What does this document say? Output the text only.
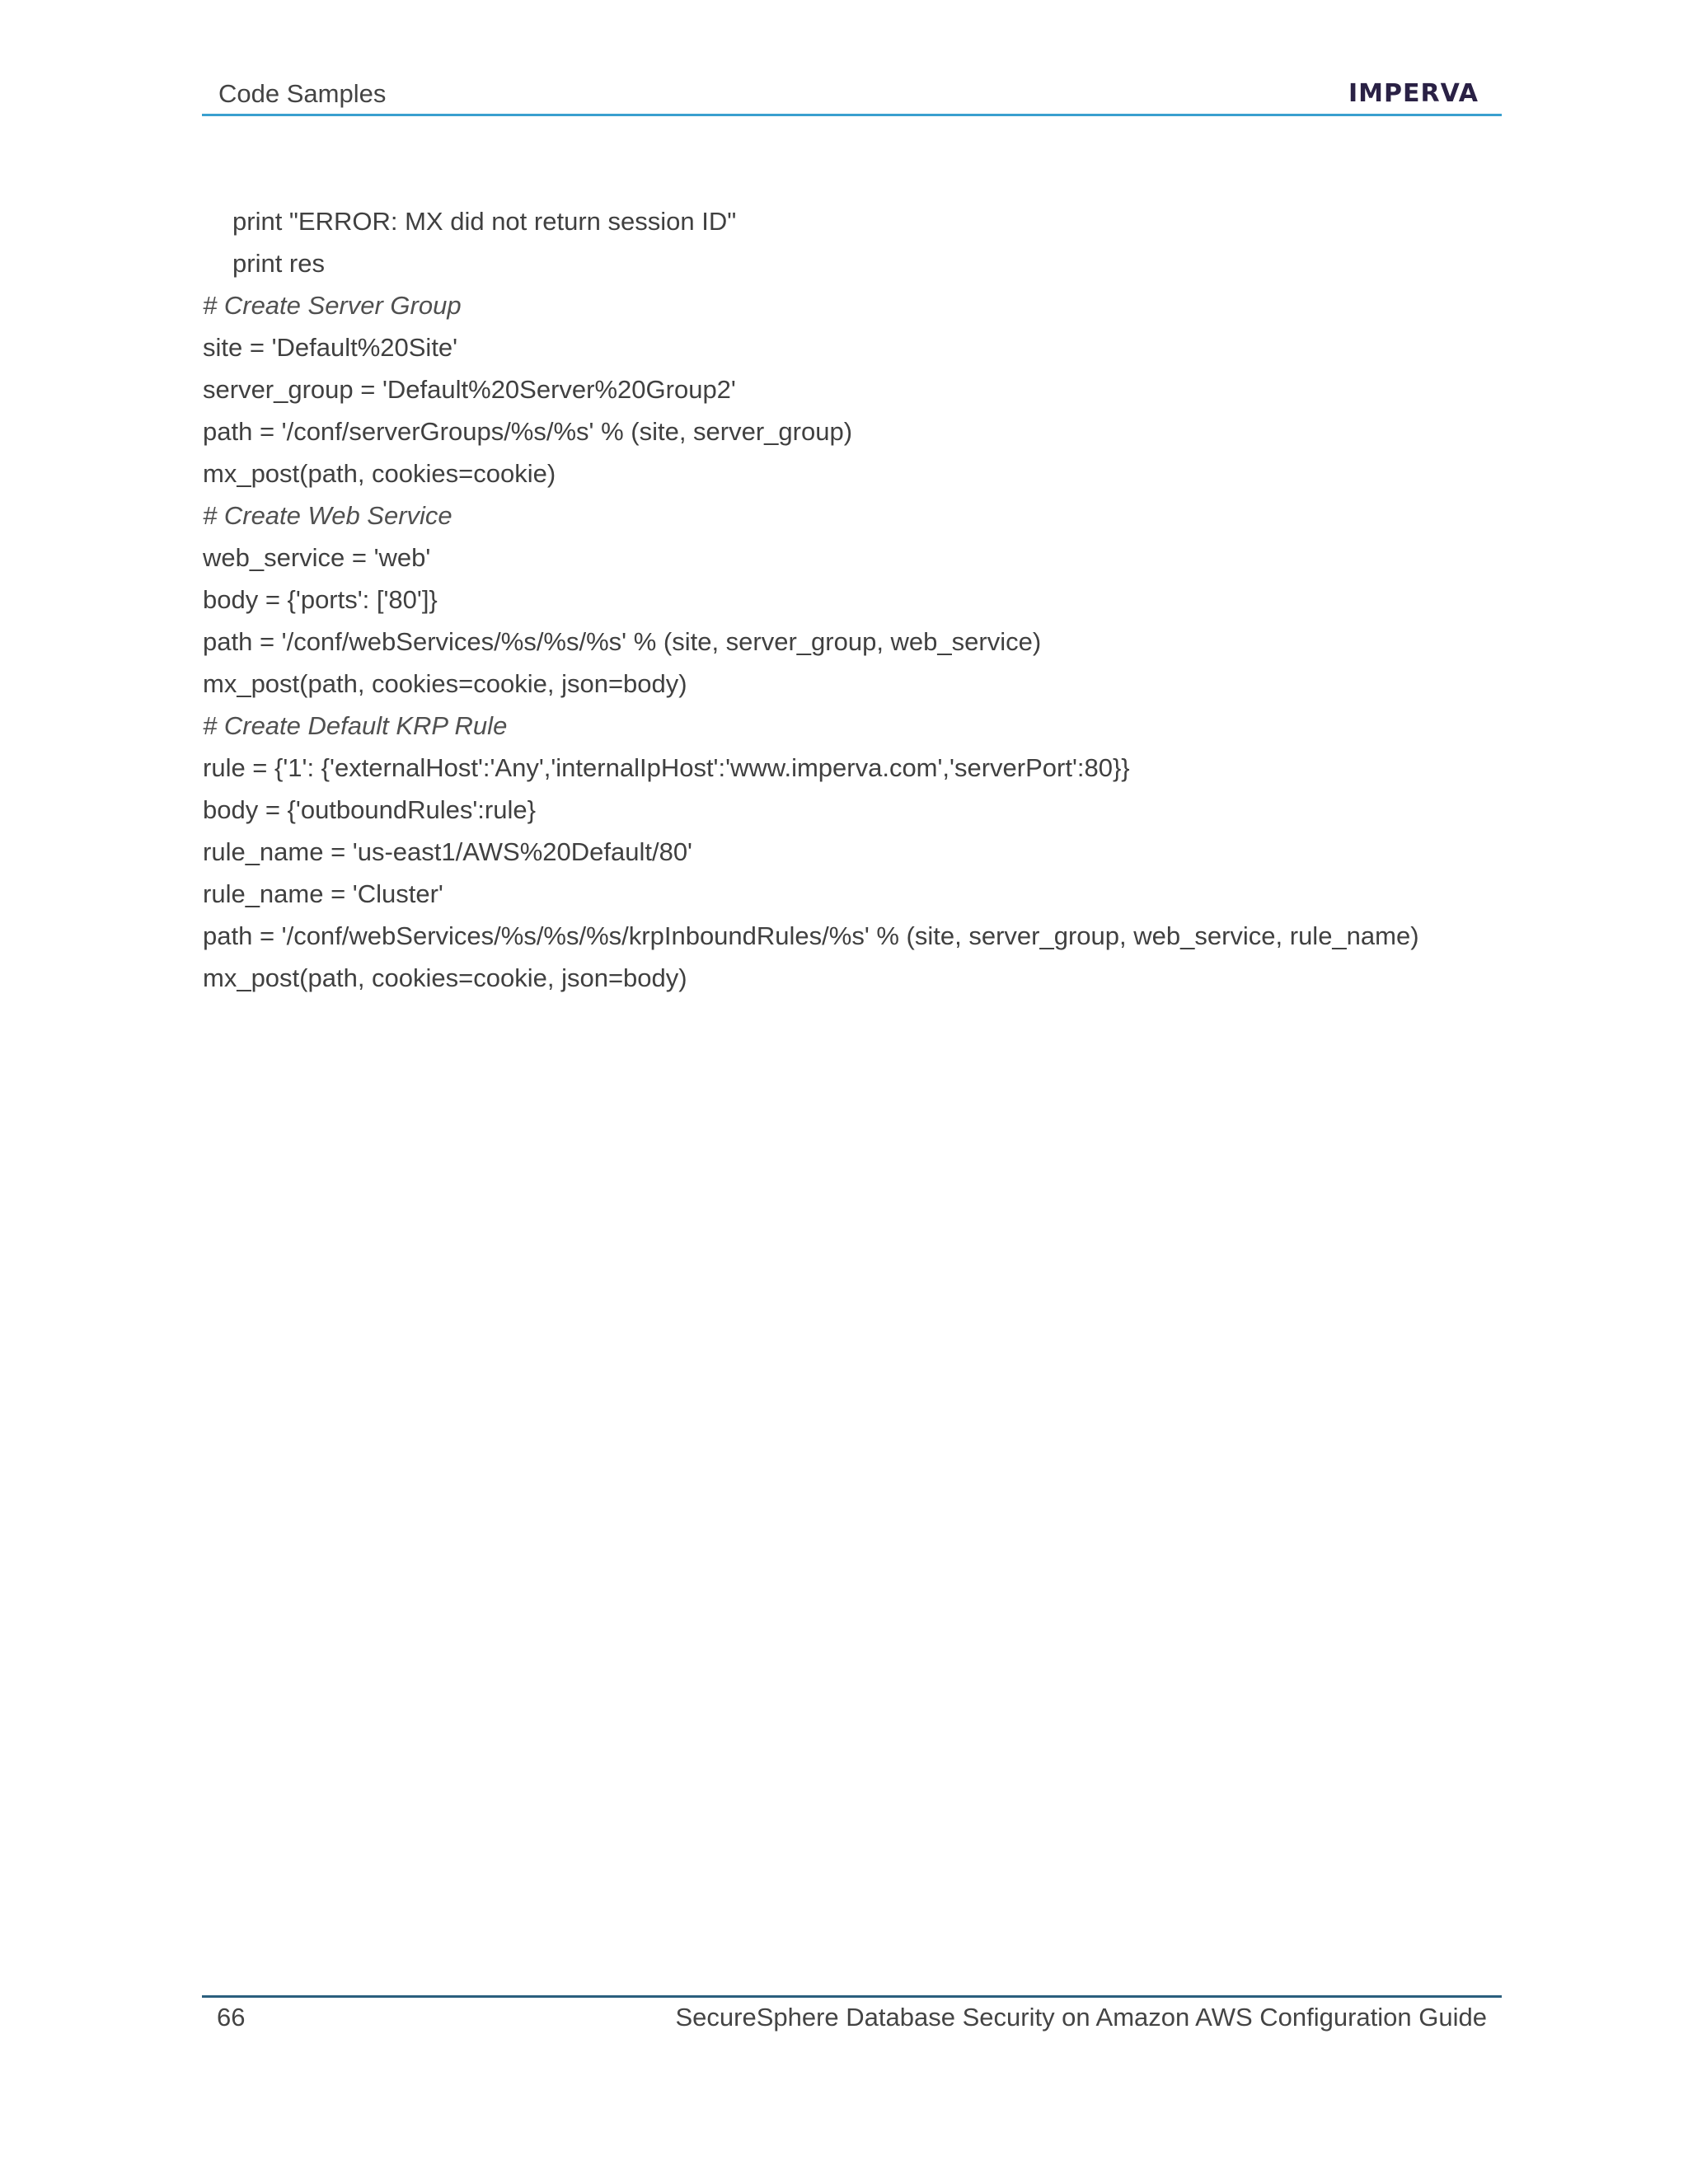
Code Samples	IMPERVA
print "ERROR: MX did not return session ID"
print res
# Create Server Group
site = 'Default%20Site'
server_group = 'Default%20Server%20Group2'
path = '/conf/serverGroups/%s/%s' % (site, server_group)
mx_post(path, cookies=cookie)
# Create Web Service
web_service = 'web'
body = {'ports': ['80']}
path = '/conf/webServices/%s/%s/%s' % (site, server_group, web_service)
mx_post(path, cookies=cookie, json=body)
# Create Default KRP Rule
rule = {'1': {'externalHost':'Any','internalIpHost':'www.imperva.com','serverPort':80}}
body = {'outboundRules':rule}
rule_name = 'us-east1/AWS%20Default/80'
rule_name = 'Cluster'
path = '/conf/webServices/%s/%s/%s/krpInboundRules/%s' % (site, server_group, web_service, rule_name)
mx_post(path, cookies=cookie, json=body)
66	SecureSphere Database Security on Amazon AWS Configuration Guide
